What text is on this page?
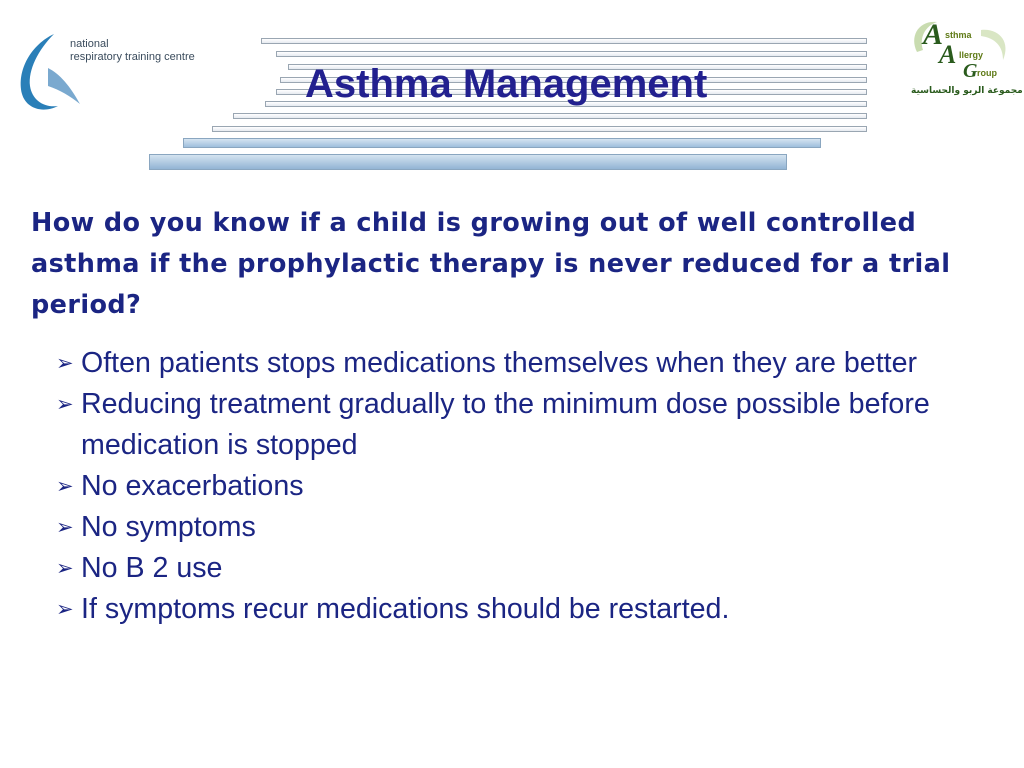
national
respiratory training centre
Asthma Management
A sthma
A llergy
G roup
مجموعة الربو والحساسية

How do you know if a child is growing out of well controlled asthma if the prophylactic therapy is never reduced for a trial period?

➢ Often patients stops medications themselves when they are better
➢ Reducing treatment gradually to the minimum dose possible before medication is stopped
➢ No exacerbations
➢ No symptoms
➢ No B 2 use
➢ If symptoms recur medications should be restarted.
